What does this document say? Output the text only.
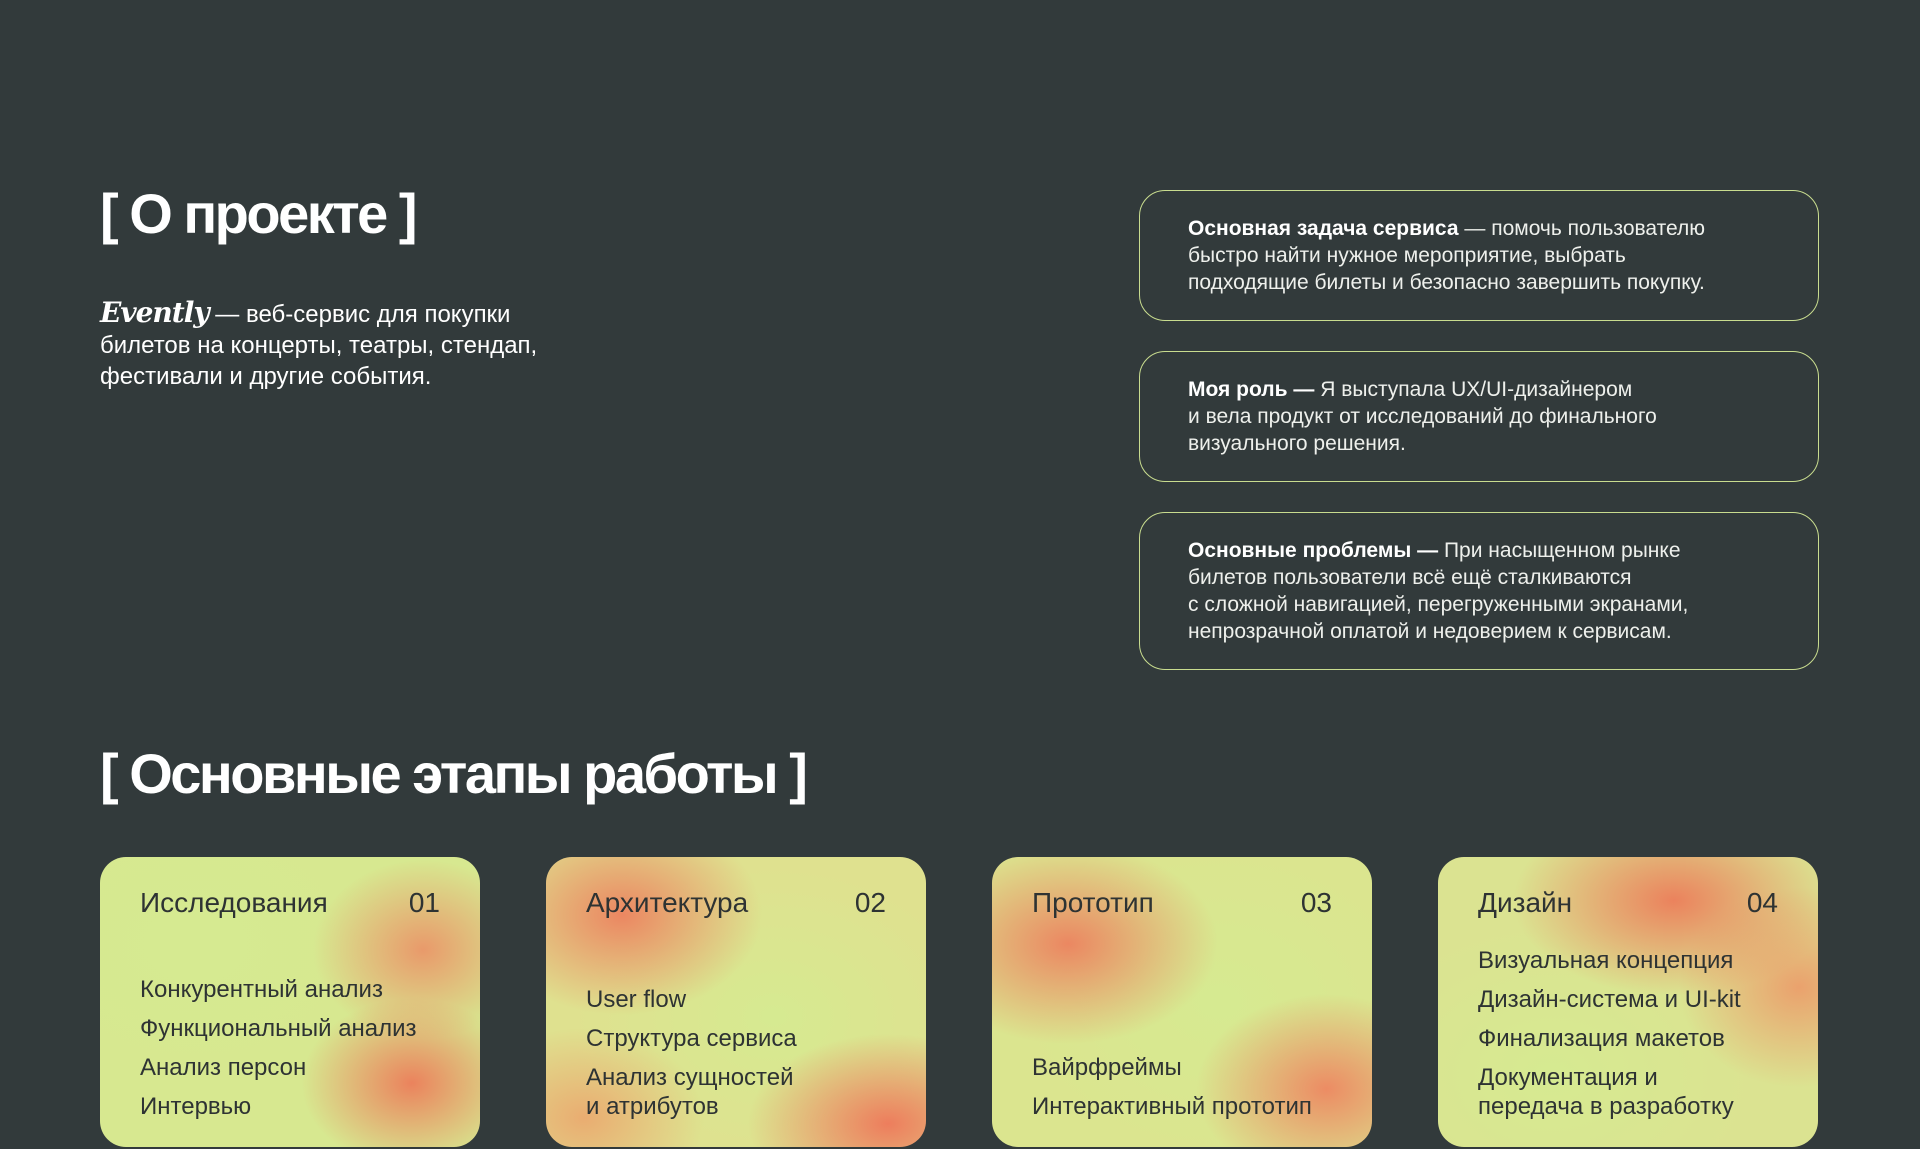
[ О проекте ]

Evently — веб-сервис для покупки
билетов на концерты, театры, стендап,
фестивали и другие события.

Основная задача сервиса — помочь пользователю
быстро найти нужное мероприятие, выбрать
подходящие билеты и безопасно завершить покупку.

Моя роль — Я выступала UX/UI-дизайнером
и вела продукт от исследований до финального
визуального решения.

Основные проблемы — При насыщенном рынке
билетов пользователи всё ещё сталкиваются
с сложной навигацией, перегруженными экранами,
непрозрачной оплатой и недоверием к сервисам.

[ Основные этапы работы ]
Исследования	01
Конкурентный анализ
Функциональный анализ
Анализ персон
Интервью
Архитектура	02
User flow
Структура сервиса
Анализ сущностей
и атрибутов
Прототип	03
Вайрфреймы
Интерактивный прототип
Дизайн	04
Визуальная концепция
Дизайн-система и UI-kit
Финализация макетов
Документация и
передача в разработку
